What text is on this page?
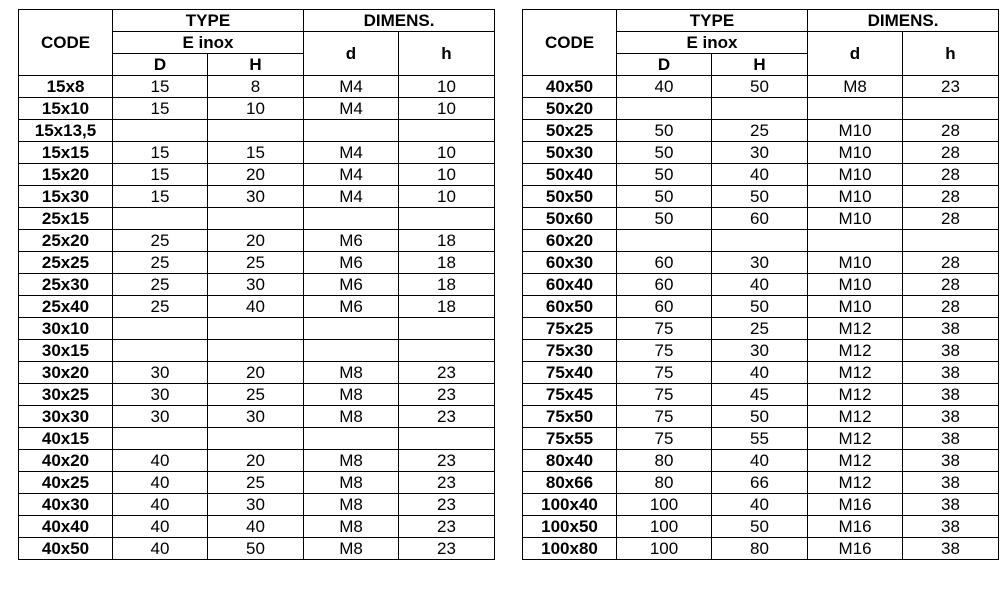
CODE	TYPE		DIMENS.	
	E inox		d	h
	D	H		
15x8	15	8	M4	10
15x10	15	10	M4	10
15x13,5				
15x15	15	15	M4	10
15x20	15	20	M4	10
15x30	15	30	M4	10
25x15				
25x20	25	20	M6	18
25x25	25	25	M6	18
25x30	25	30	M6	18
25x40	25	40	M6	18
30x10				
30x15				
30x20	30	20	M8	23
30x25	30	25	M8	23
30x30	30	30	M8	23
40x15				
40x20	40	20	M8	23
40x25	40	25	M8	23
40x30	40	30	M8	23
40x40	40	40	M8	23
40x50	40	50	M8	23
CODE	TYPE		DIMENS.	
	E inox		d	h
	D	H		
40x50	40	50	M8	23
50x20				
50x25	50	25	M10	28
50x30	50	30	M10	28
50x40	50	40	M10	28
50x50	50	50	M10	28
50x60	50	60	M10	28
60x20				
60x30	60	30	M10	28
60x40	60	40	M10	28
60x50	60	50	M10	28
75x25	75	25	M12	38
75x30	75	30	M12	38
75x40	75	40	M12	38
75x45	75	45	M12	38
75x50	75	50	M12	38
75x55	75	55	M12	38
80x40	80	40	M12	38
80x66	80	66	M12	38
100x40	100	40	M16	38
100x50	100	50	M16	38
100x80	100	80	M16	38
